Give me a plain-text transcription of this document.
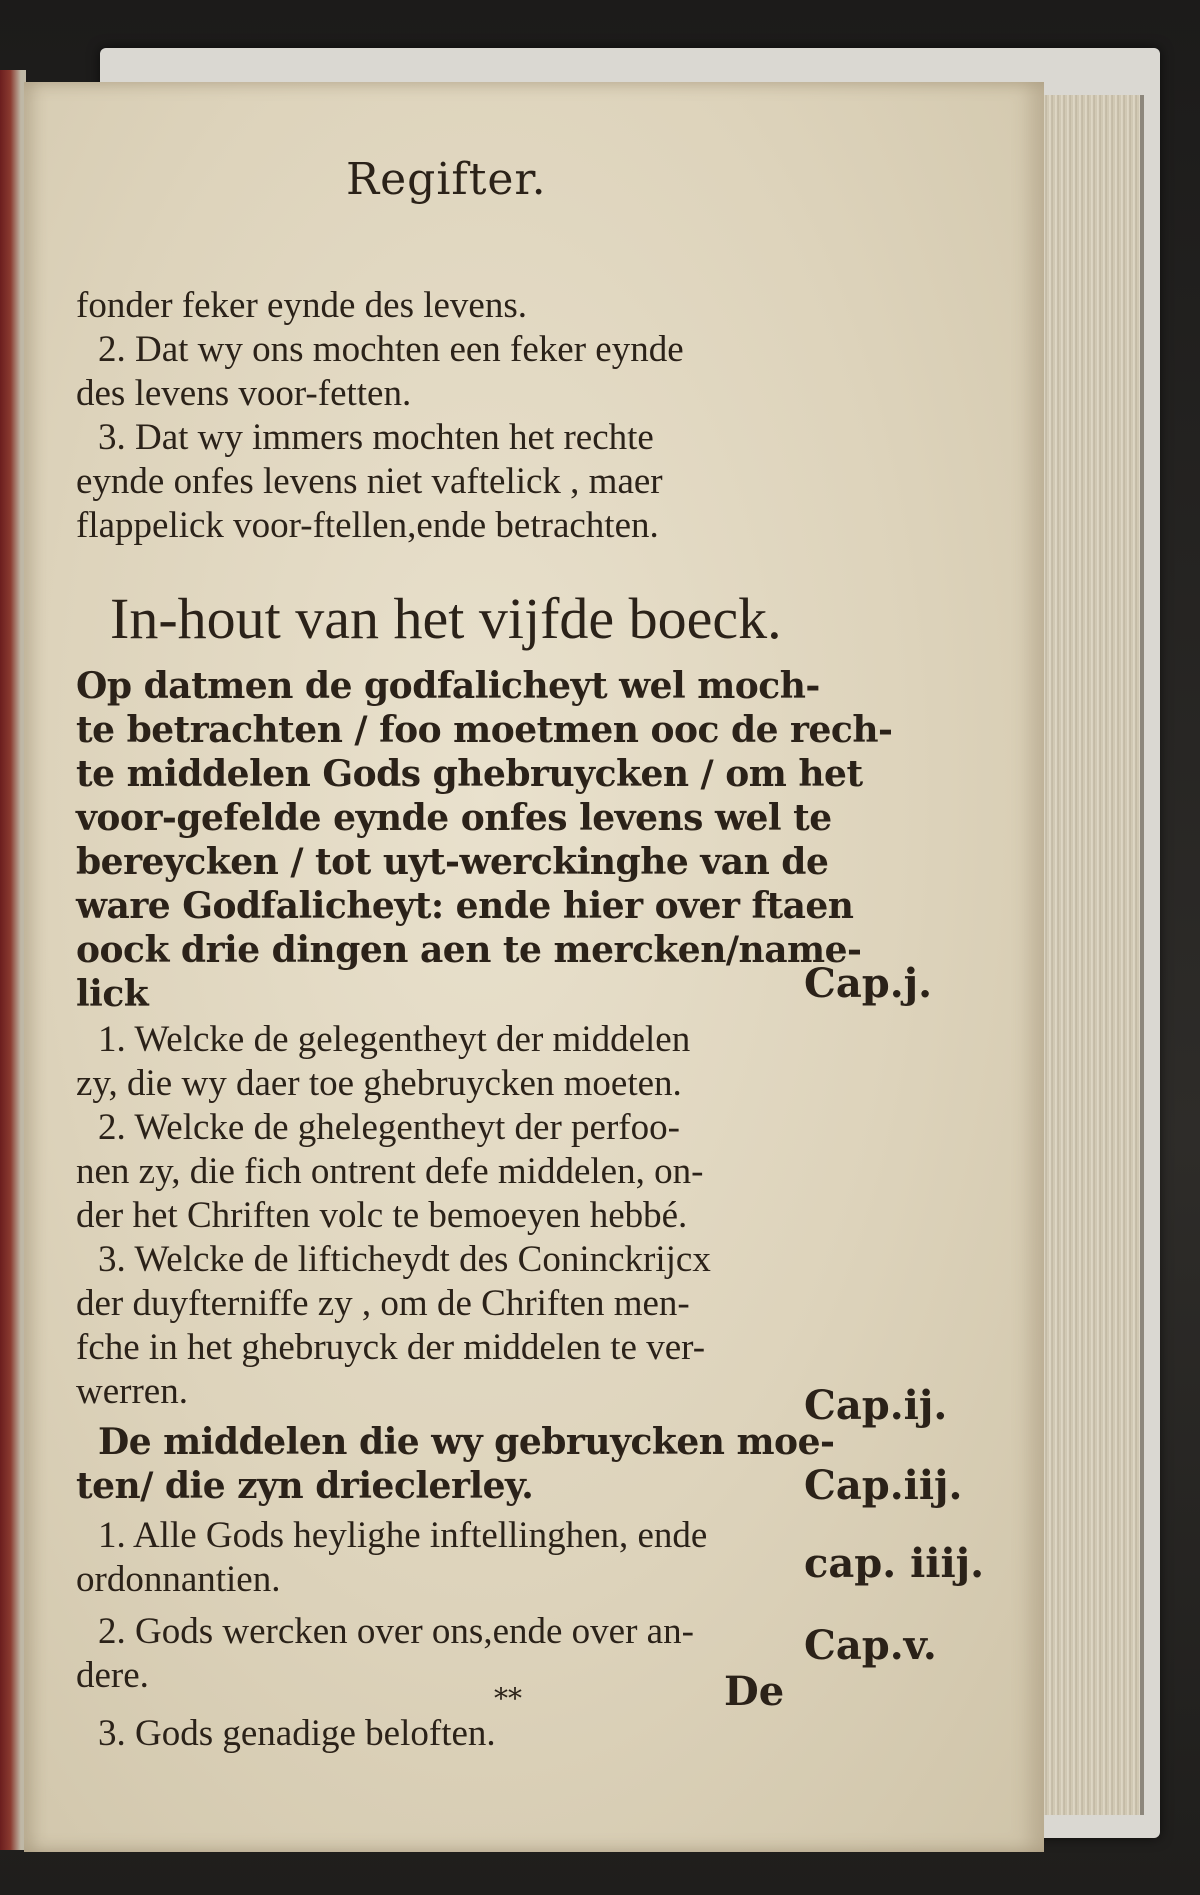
Regifter.

fonder feker eynde des levens.

2. Dat wy ons mochten een feker eynde

des levens voor-fetten.

3. Dat wy immers mochten het rechte

eynde onfes levens niet vaftelick , maer

flappelick voor-ftellen,ende betrachten.

In-hout van het vijfde boeck.

Op datmen de godfalicheyt wel moch-

te betrachten / foo moetmen ooc de rech-

te middelen Gods ghebruycken / om het

voor-gefelde eynde onfes levens wel te

bereycken / tot uyt-werckinghe van de

ware Godfalicheyt: ende hier over ftaen

oock drie dingen aen te mercken/name-

lick

1. Welcke de gelegentheyt der middelen

zy, die wy daer toe ghebruycken moeten.

2. Welcke de ghelegentheyt der perfoo-

nen zy, die fich ontrent defe middelen, on-

der het Chriften volc te bemoeyen hebbé.

3. Welcke de lifticheydt des Coninckrijcx

der duyfterniffe zy , om de Chriften men-

fche in het ghebruyck der middelen te ver-

werren.

De middelen die wy gebruycken moe-

ten/ die zyn drieclerley.

1. Alle Gods heylighe inftellinghen, ende

ordonnantien.

2. Gods wercken over ons,ende over an-

dere.

3. Gods genadige beloften.

Cap.j.
Cap.ij.
Cap.iij.
cap. iiij.
Cap.v.
**	De
